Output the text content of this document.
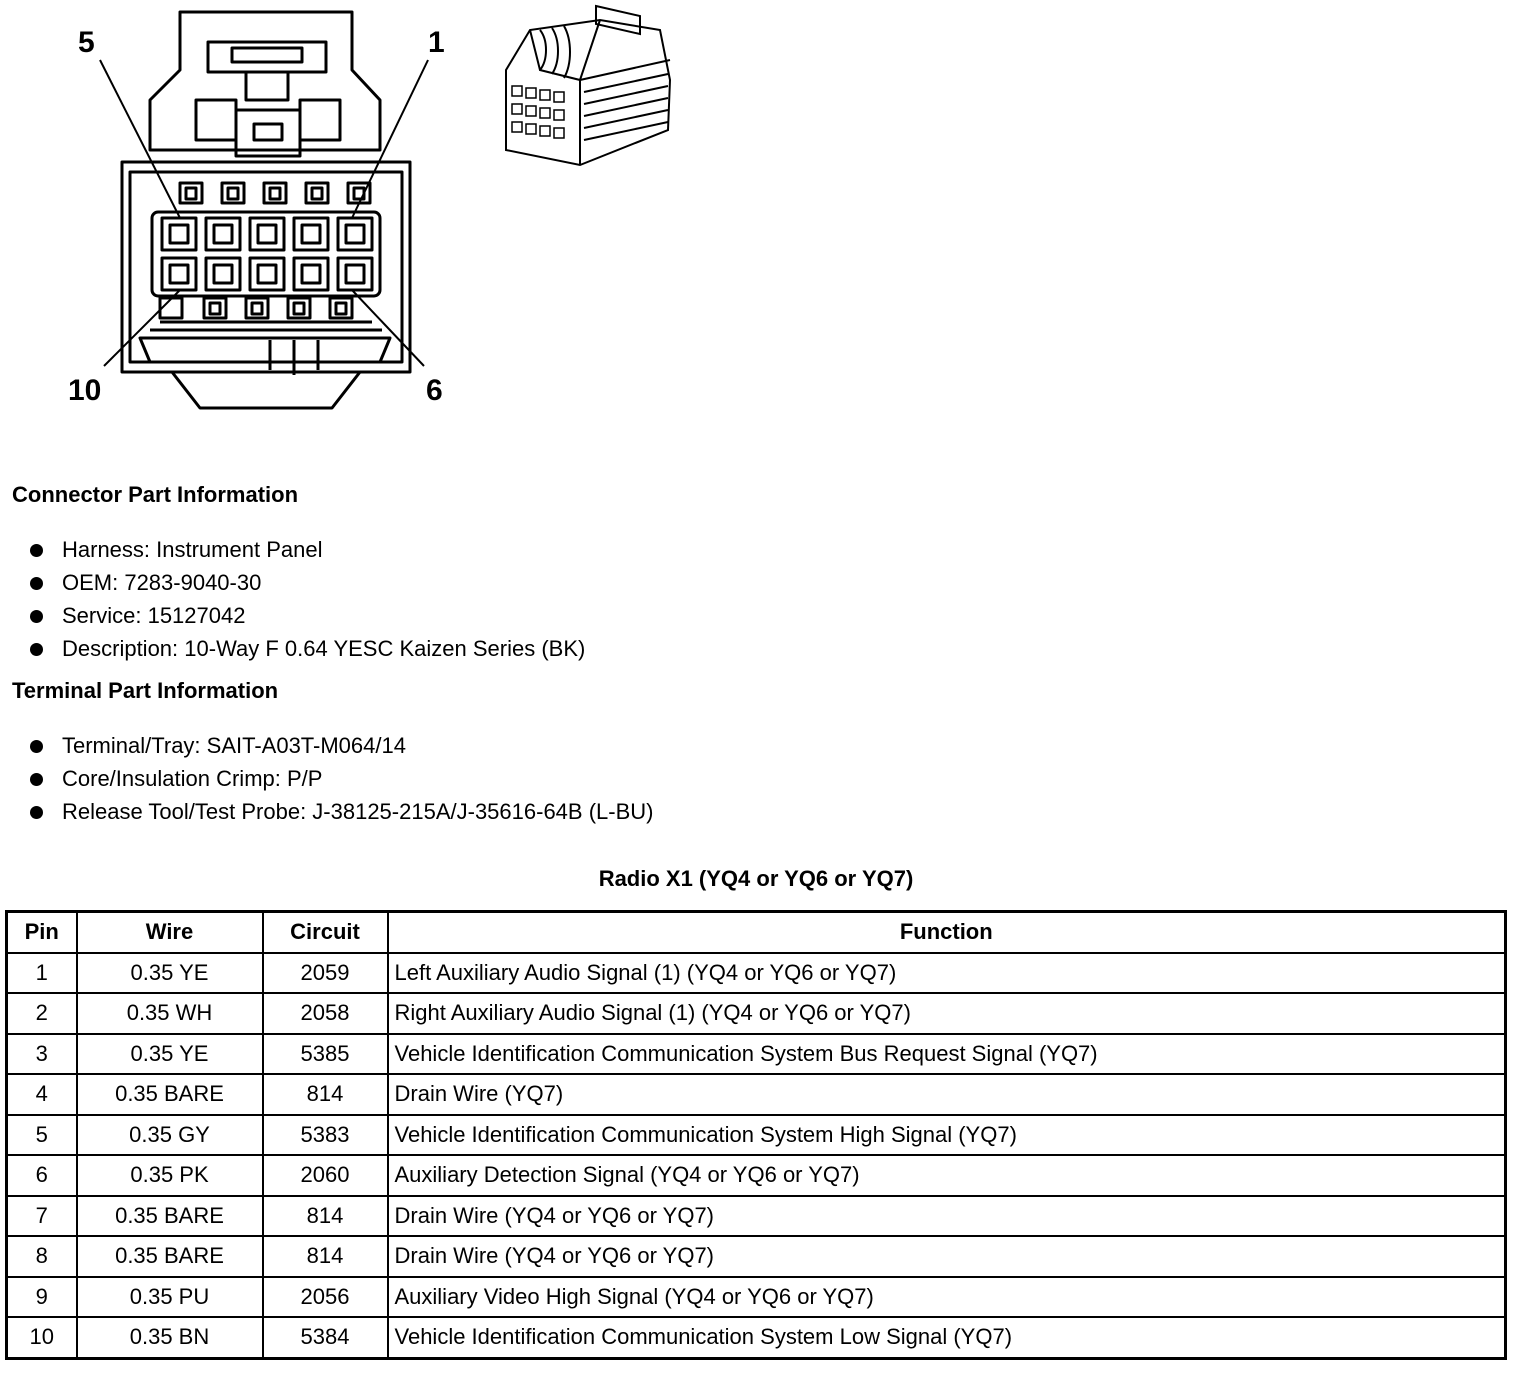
5	1
10	6
Connector Part Information
Harness: Instrument Panel
OEM: 7283-9040-30
Service: 15127042
Description: 10-Way F 0.64 YESC Kaizen Series (BK)
Terminal Part Information
Terminal/Tray: SAIT-A03T-M064/14
Core/Insulation Crimp: P/P
Release Tool/Test Probe: J-38125-215A/J-35616-64B (L-BU)
Radio X1 (YQ4 or YQ6 or YQ7)
Pin	Wire	Circuit	Function
1	0.35 YE	2059	Left Auxiliary Audio Signal (1) (YQ4 or YQ6 or YQ7)
2	0.35 WH	2058	Right Auxiliary Audio Signal (1) (YQ4 or YQ6 or YQ7)
3	0.35 YE	5385	Vehicle Identification Communication System Bus Request Signal (YQ7)
4	0.35 BARE	814	Drain Wire (YQ7)
5	0.35 GY	5383	Vehicle Identification Communication System High Signal (YQ7)
6	0.35 PK	2060	Auxiliary Detection Signal (YQ4 or YQ6 or YQ7)
7	0.35 BARE	814	Drain Wire (YQ4 or YQ6 or YQ7)
8	0.35 BARE	814	Drain Wire (YQ4 or YQ6 or YQ7)
9	0.35 PU	2056	Auxiliary Video High Signal (YQ4 or YQ6 or YQ7)
10	0.35 BN	5384	Vehicle Identification Communication System Low Signal (YQ7)
